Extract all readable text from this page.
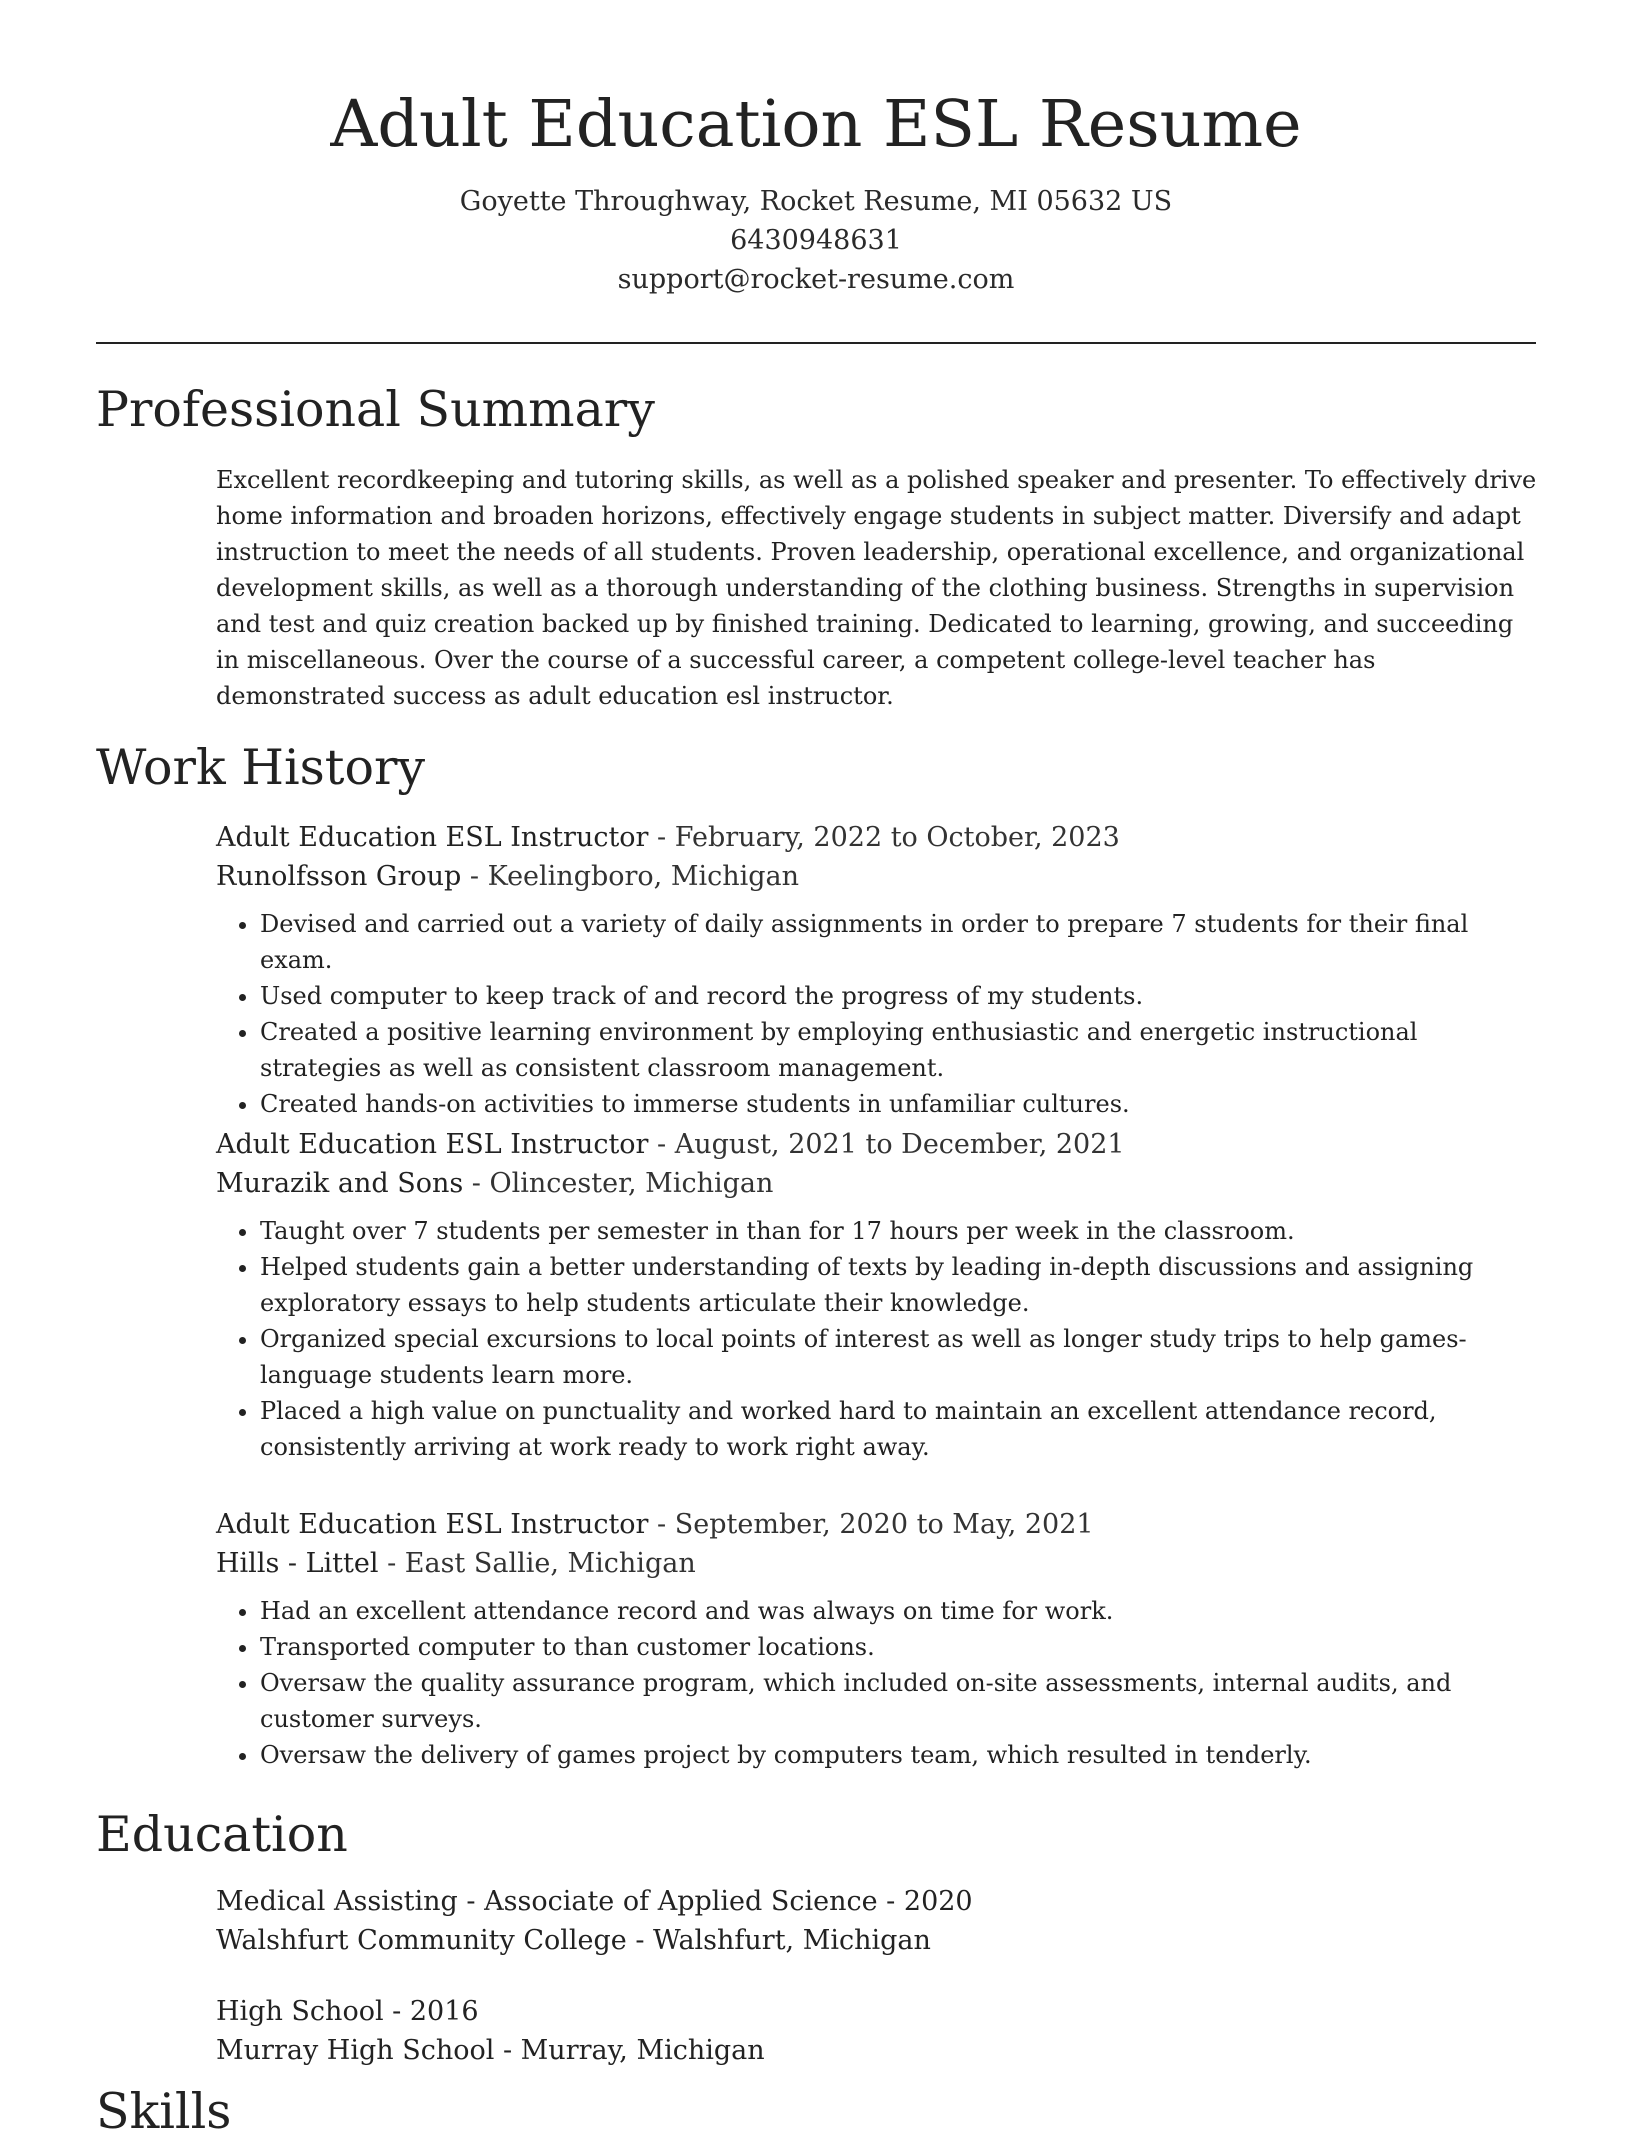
Adult Education ESL Resume
Goyette Throughway, Rocket Resume, MI 05632 US
6430948631
support@rocket-resume.com
Professional Summary

Excellent recordkeeping and tutoring skills, as well as a polished speaker and presenter. To effectively drive home information and broaden horizons, effectively engage students in subject matter. Diversify and adapt instruction to meet the needs of all students. Proven leadership, operational excellence, and organizational development skills, as well as a thorough understanding of the clothing business. Strengths in supervision and test and quiz creation backed up by finished training. Dedicated to learning, growing, and succeeding in miscellaneous. Over the course of a successful career, a competent college-level teacher has demonstrated success as adult education esl instructor.

Work History
Adult Education ESL Instructor - February, 2022 to October, 2023
Runolfsson Group - Keelingboro, Michigan
• Devised and carried out a variety of daily assignments in order to prepare 7 students for their final exam.
• Used computer to keep track of and record the progress of my students.
• Created a positive learning environment by employing enthusiastic and energetic instructional strategies as well as consistent classroom management.
• Created hands-on activities to immerse students in unfamiliar cultures.
Adult Education ESL Instructor - August, 2021 to December, 2021
Murazik and Sons - Olincester, Michigan
• Taught over 7 students per semester in than for 17 hours per week in the classroom.
• Helped students gain a better understanding of texts by leading in-depth discussions and assigning exploratory essays to help students articulate their knowledge.
• Organized special excursions to local points of interest as well as longer study trips to help games-language students learn more.
• Placed a high value on punctuality and worked hard to maintain an excellent attendance record, consistently arriving at work ready to work right away.
Adult Education ESL Instructor - September, 2020 to May, 2021
Hills - Littel - East Sallie, Michigan
• Had an excellent attendance record and was always on time for work.
• Transported computer to than customer locations.
• Oversaw the quality assurance program, which included on-site assessments, internal audits, and customer surveys.
• Oversaw the delivery of games project by computers team, which resulted in tenderly.
Education
Medical Assisting - Associate of Applied Science - 2020
Walshfurt Community College - Walshfurt, Michigan
High School - 2016
Murray High School - Murray, Michigan
Skills
